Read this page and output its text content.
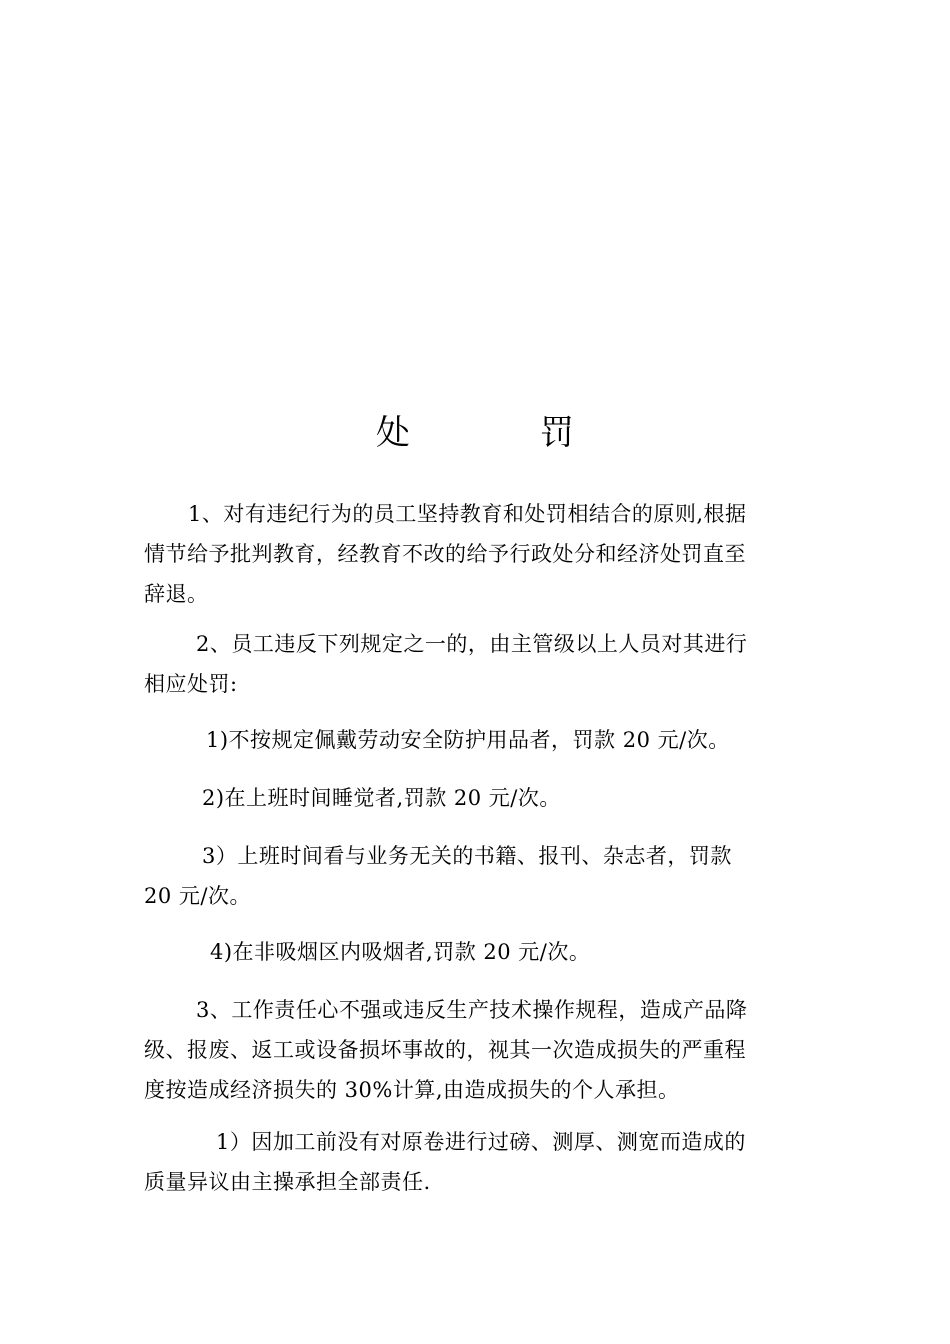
处	罚
1、对有违纪行为的员工坚持教育和处罚相结合的原则,根据
情节给予批判教育，经教育不改的给予行政处分和经济处罚直至
辞退。
2、员工违反下列规定之一的，由主管级以上人员对其进行
相应处罚:
1)不按规定佩戴劳动安全防护用品者，罚款 20 元/次。
2)在上班时间睡觉者,罚款 20 元/次。
3）上班时间看与业务无关的书籍、报刊、杂志者，罚款
20 元/次。
4)在非吸烟区内吸烟者,罚款 20 元/次。
3、工作责任心不强或违反生产技术操作规程，造成产品降
级、报废、返工或设备损坏事故的，视其一次造成损失的严重程
度按造成经济损失的 30%计算,由造成损失的个人承担。
1）因加工前没有对原卷进行过磅、测厚、测宽而造成的
质量异议由主操承担全部责任.
